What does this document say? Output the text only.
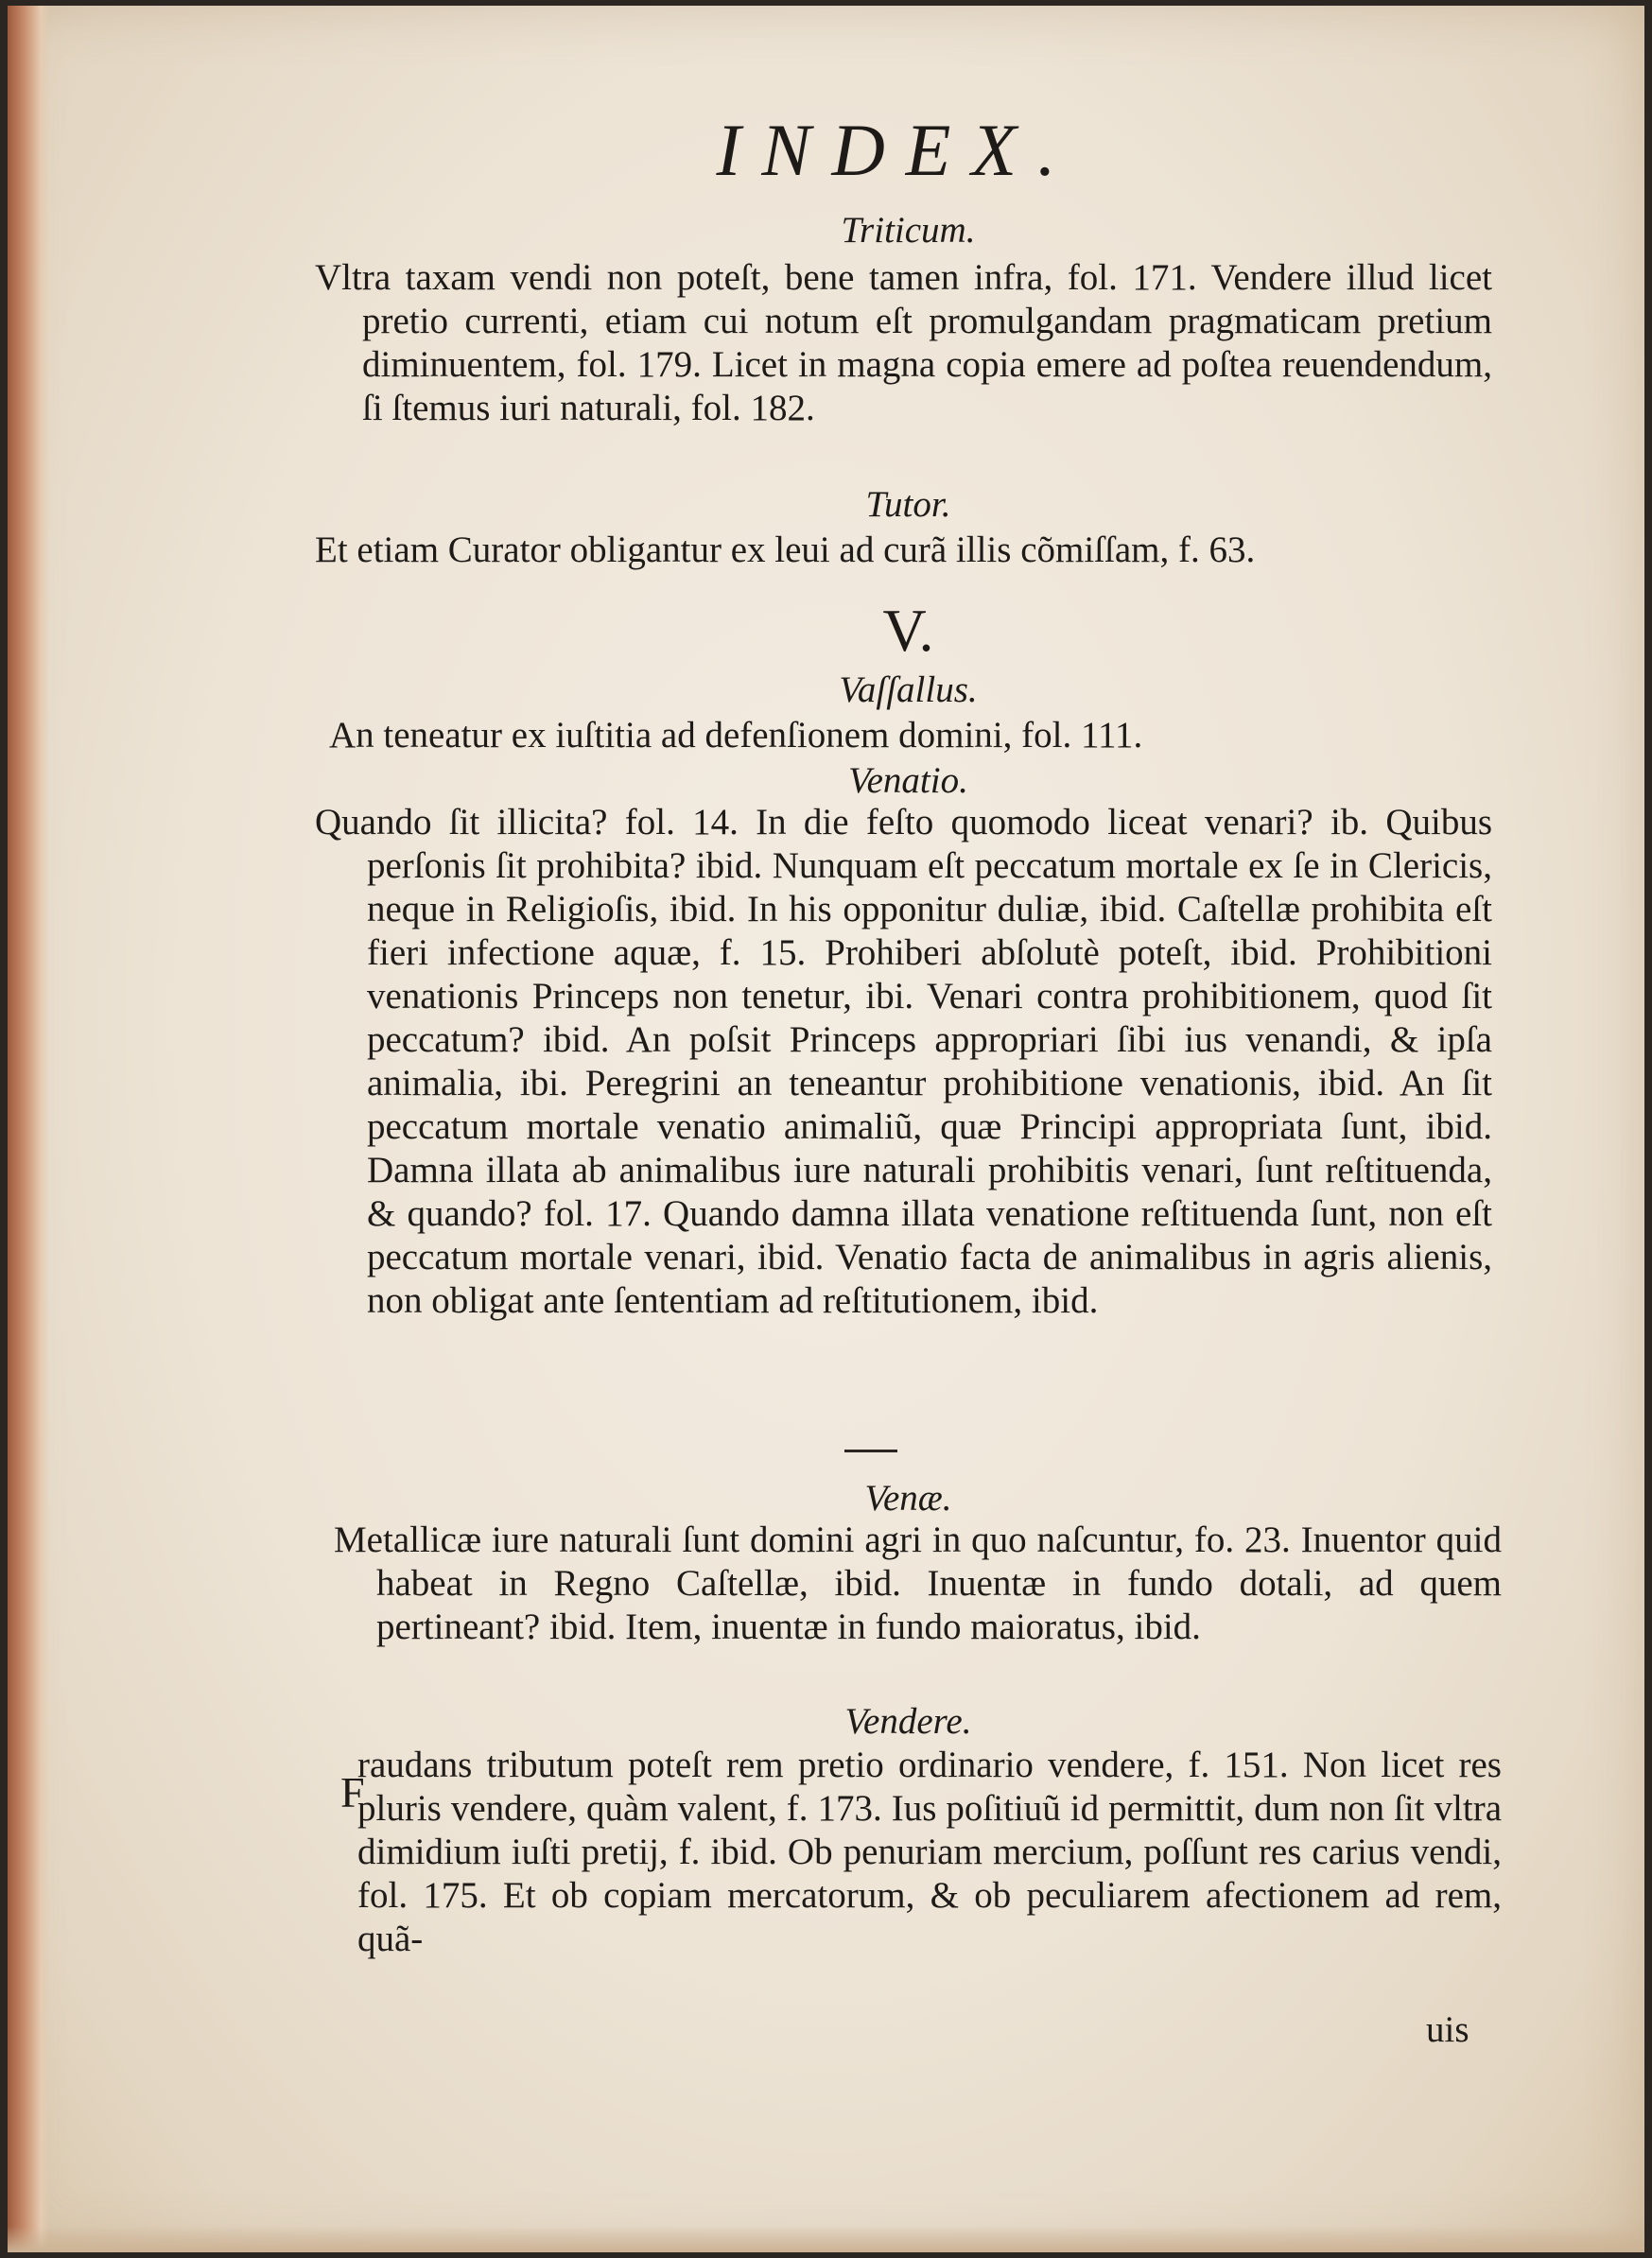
INDEX.
Triticum.

Vltra taxam vendi non poteſt, bene tamen infra, fol. 171. Vendere illud licet pretio currenti, etiam cui notum eſt promulgandam pragmaticam pretium diminuentem, fol. 179. Licet in magna copia emere ad poſtea reuendendum, ſi ſtemus iuri naturali, fol. 182.

Tutor.

Et etiam Curator obligantur ex leui ad curã illis cõmiſſam, f. 63.

V.
Vaſſallus.

An teneatur ex iuſtitia ad defenſionem domini, fol. 111.

Venatio.

Quando ſit illicita? fol. 14. In die feſto quomodo liceat venari? ib. Quibus perſonis ſit prohibita? ibid. Nunquam eſt peccatum mortale ex ſe in Clericis, neque in Religioſis, ibid. In his opponitur duliæ, ibid. Caſtellæ prohibita eſt fieri infectione aquæ, f. 15. Prohiberi abſolutè poteſt, ibid. Prohibitioni venationis Princeps non tenetur, ibi. Venari contra prohibitionem, quod ſit peccatum? ibid. An poſsit Princeps appropriari ſibi ius venandi, & ipſa animalia, ibi. Peregrini an teneantur prohibitione venationis, ibid. An ſit peccatum mortale venatio animaliũ, quæ Principi appropriata ſunt, ibid. Damna illata ab animalibus iure naturali prohibitis venari, ſunt reſtituenda, & quando? fol. 17. Quando damna illata venatione reſtituenda ſunt, non eſt peccatum mortale venari, ibid. Venatio facta de animalibus in agris alienis, non obligat ante ſententiam ad reſtitutionem, ibid.

Venæ.

Metallicæ iure naturali ſunt domini agri in quo naſcuntur, fo. 23. Inuentor quid habeat in Regno Caſtellæ, ibid. Inuentæ in fundo dotali, ad quem pertineant? ibid. Item, inuentæ in fundo maioratus, ibid.

Vendere.
F

raudans tributum poteſt rem pretio ordinario vendere, f. 151. Non licet res pluris vendere, quàm valent, f. 173. Ius poſitiuũ id permittit, dum non ſit vltra dimidium iuſti pretij, f. ibid. Ob penuriam mercium, poſſunt res carius vendi, fol. 175. Et ob copiam mercatorum, & ob peculiarem afectionem ad rem, quã-

uis
